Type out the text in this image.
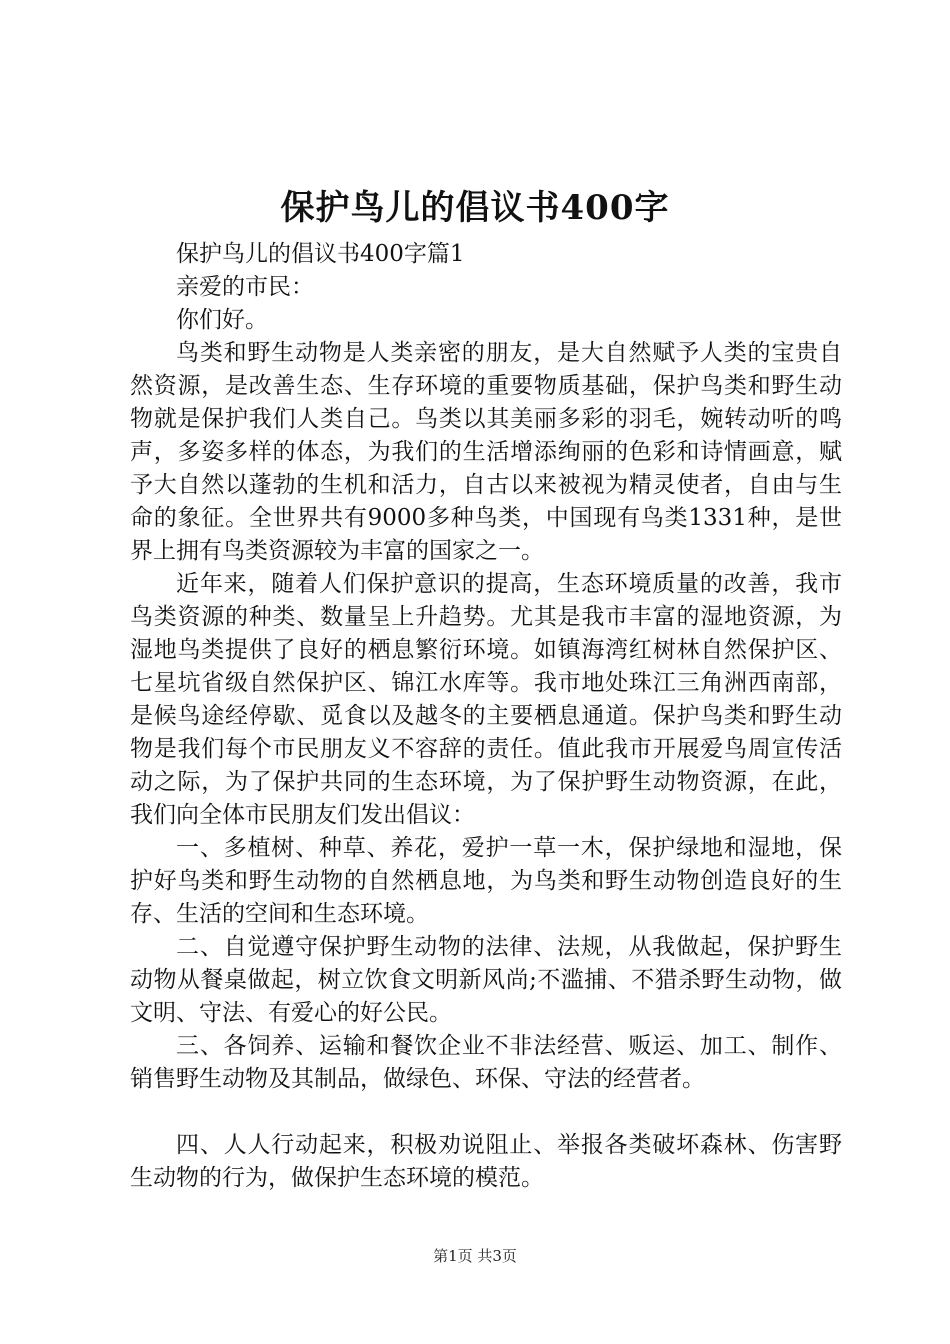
保护鸟儿的倡议书400字

保护鸟儿的倡议书400字篇1

亲爱的市民：

你们好。

鸟类和野生动物是人类亲密的朋友，是大自然赋予人类的宝贵自然资源，是改善生态、生存环境的重要物质基础，保护鸟类和野生动物就是保护我们人类自己。鸟类以其美丽多彩的羽毛，婉转动听的鸣声，多姿多样的体态，为我们的生活增添绚丽的色彩和诗情画意，赋予大自然以蓬勃的生机和活力，自古以来被视为精灵使者，自由与生命的象征。全世界共有9000多种鸟类，中国现有鸟类1331种，是世界上拥有鸟类资源较为丰富的国家之一。

近年来，随着人们保护意识的提高，生态环境质量的改善，我市鸟类资源的种类、数量呈上升趋势。尤其是我市丰富的湿地资源，为湿地鸟类提供了良好的栖息繁衍环境。如镇海湾红树林自然保护区、七星坑省级自然保护区、锦江水库等。我市地处珠江三角洲西南部，是候鸟途经停歇、觅食以及越冬的主要栖息通道。保护鸟类和野生动物是我们每个市民朋友义不容辞的责任。值此我市开展爱鸟周宣传活动之际，为了保护共同的生态环境，为了保护野生动物资源，在此，我们向全体市民朋友们发出倡议：

一、多植树、种草、养花，爱护一草一木，保护绿地和湿地，保护好鸟类和野生动物的自然栖息地，为鸟类和野生动物创造良好的生存、生活的空间和生态环境。

二、自觉遵守保护野生动物的法律、法规，从我做起，保护野生动物从餐桌做起，树立饮食文明新风尚;不滥捕、不猎杀野生动物，做文明、守法、有爱心的好公民。

三、各饲养、运输和餐饮企业不非法经营、贩运、加工、制作、销售野生动物及其制品，做绿色、环保、守法的经营者。

四、人人行动起来，积极劝说阻止、举报各类破坏森林、伤害野生动物的行为，做保护生态环境的模范。

第1页 共3页
